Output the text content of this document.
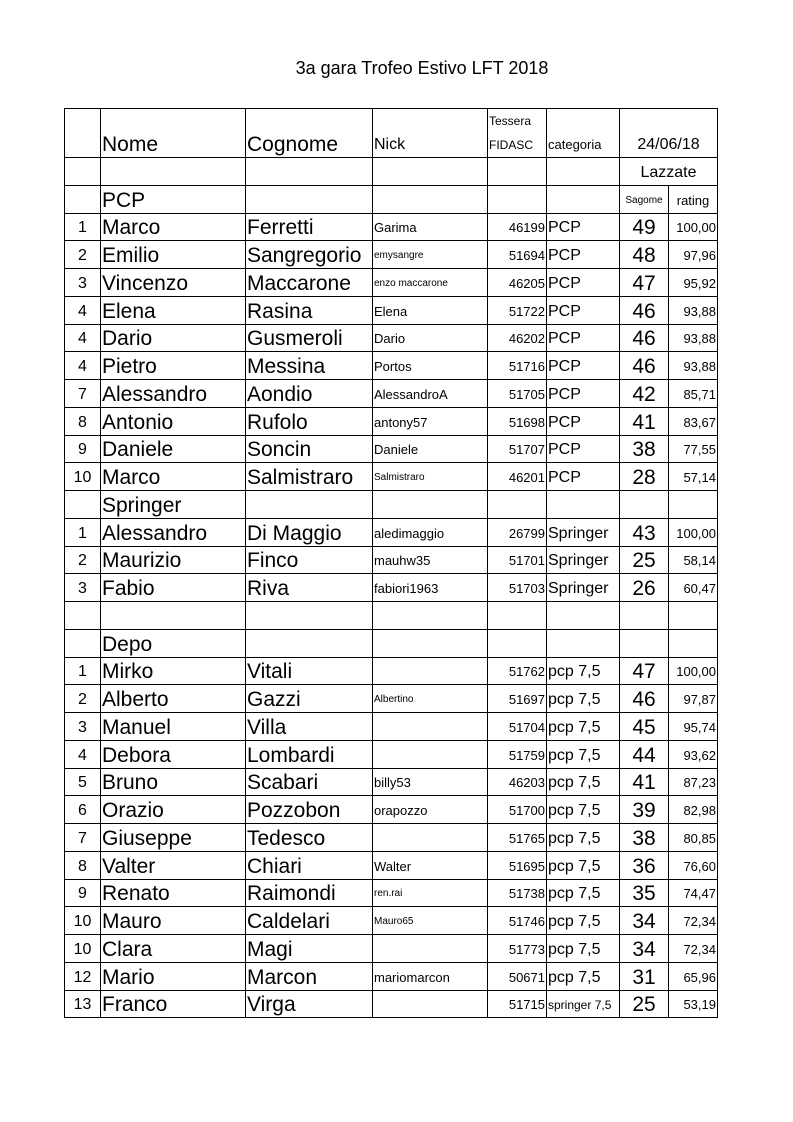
3a gara Trofeo Estivo LFT 2018
	Nome	Cognome	Nick	Tessera
FIDASC	categoria	24/06/18	
						Lazzate	
	PCP					Sagome	rating
1	Marco	Ferretti	Garima	46199	PCP	49	100,00
2	Emilio	Sangregorio	emysangre	51694	PCP	48	97,96
3	Vincenzo	Maccarone	enzo maccarone	46205	PCP	47	95,92
4	Elena	Rasina	Elena	51722	PCP	46	93,88
4	Dario	Gusmeroli	Dario	46202	PCP	46	93,88
4	Pietro	Messina	Portos	51716	PCP	46	93,88
7	Alessandro	Aondio	AlessandroA	51705	PCP	42	85,71
8	Antonio	Rufolo	antony57	51698	PCP	41	83,67
9	Daniele	Soncin	Daniele	51707	PCP	38	77,55
10	Marco	Salmistraro	Salmistraro	46201	PCP	28	57,14
	Springer						
1	Alessandro	Di Maggio	aledimaggio	26799	Springer	43	100,00
2	Maurizio	Finco	mauhw35	51701	Springer	25	58,14
3	Fabio	Riva	fabiori1963	51703	Springer	26	60,47

	Depo						
1	Mirko	Vitali		51762	pcp 7,5	47	100,00
2	Alberto	Gazzi	Albertino	51697	pcp 7,5	46	97,87
3	Manuel	Villa		51704	pcp 7,5	45	95,74
4	Debora	Lombardi		51759	pcp 7,5	44	93,62
5	Bruno	Scabari	billy53	46203	pcp 7,5	41	87,23
6	Orazio	Pozzobon	orapozzo	51700	pcp 7,5	39	82,98
7	Giuseppe	Tedesco		51765	pcp 7,5	38	80,85
8	Valter	Chiari	Walter	51695	pcp 7,5	36	76,60
9	Renato	Raimondi	ren.rai	51738	pcp 7,5	35	74,47
10	Mauro	Caldelari	Mauro65	51746	pcp 7,5	34	72,34
10	Clara	Magi		51773	pcp 7,5	34	72,34
12	Mario	Marcon	mariomarcon	50671	pcp 7,5	31	65,96
13	Franco	Virga		51715	springer 7,5	25	53,19
